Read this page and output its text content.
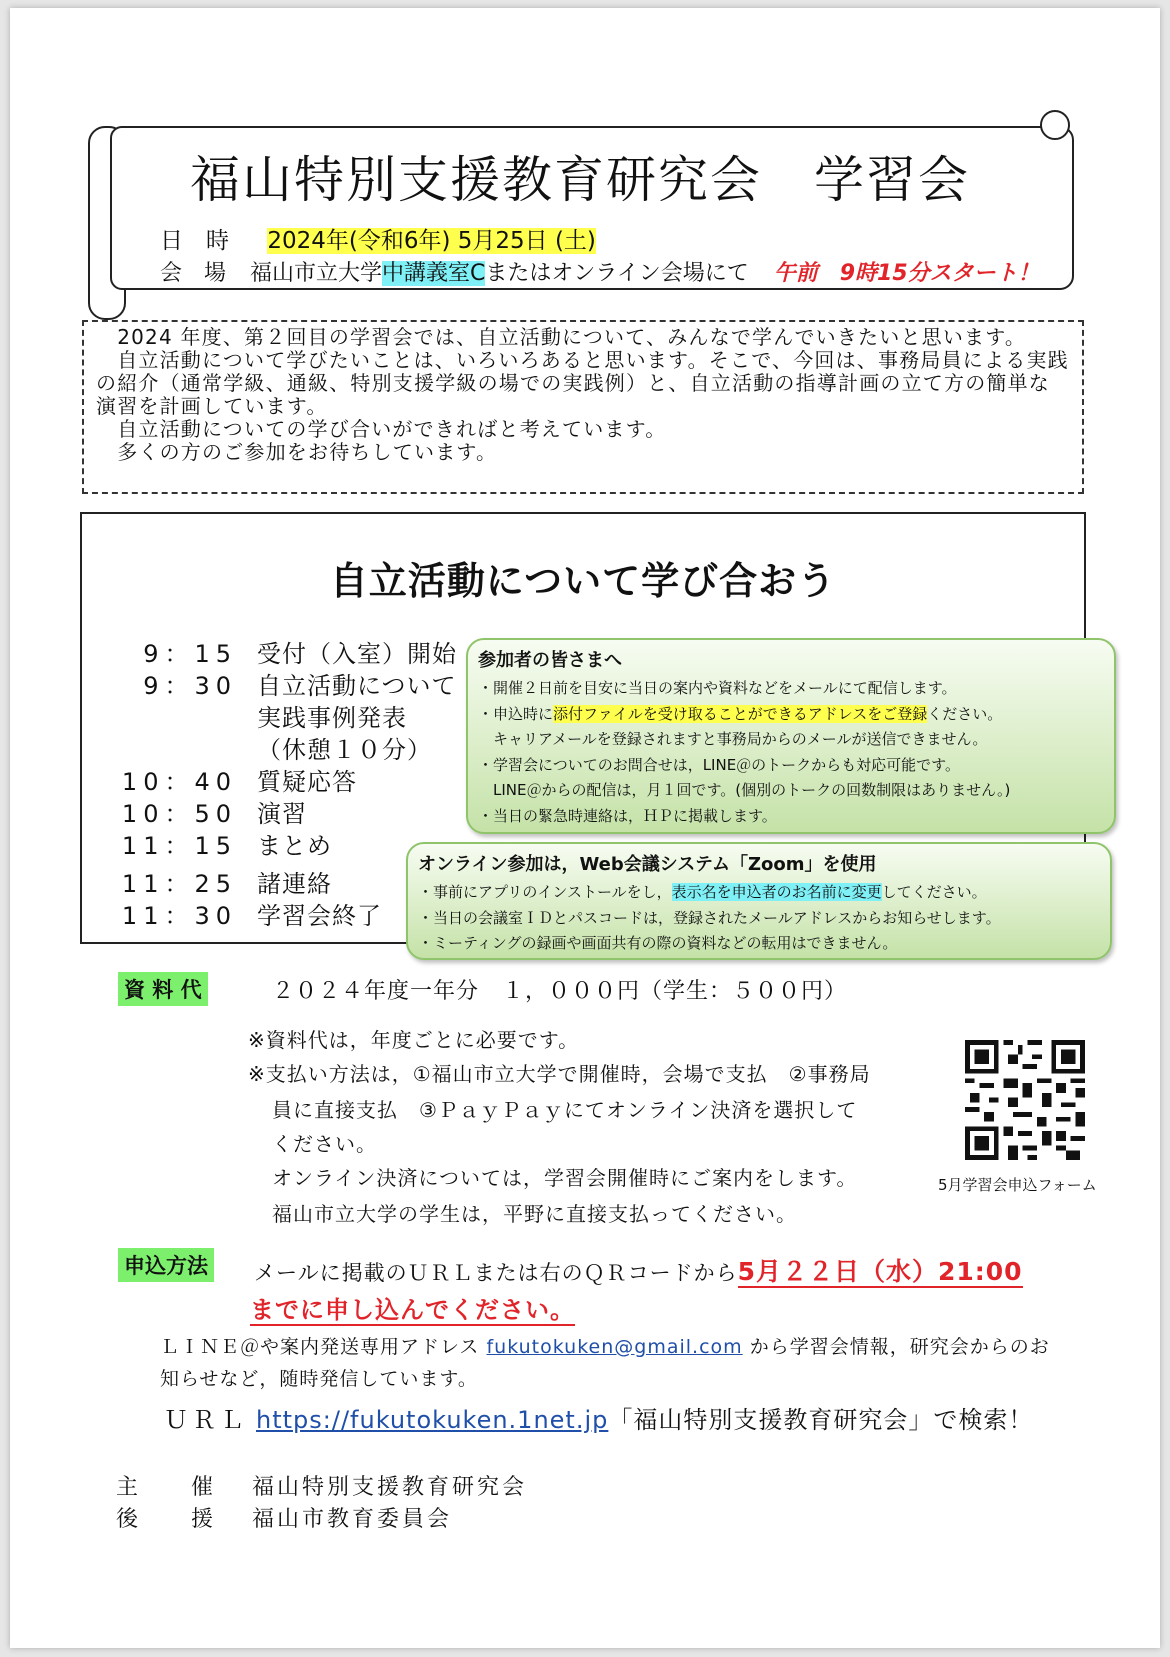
福山特別支援教育研究会　学習会
日　時 2024年(令和6年) 5月25日 (土)
会　場 福山市立大学中講義室Cまたはオンライン会場にて 午前　9時15分スタート！

　2024 年度、第２回目の学習会では、自立活動について、みんなで学んでいきたいと思います。

　自立活動について学びたいことは、いろいろあると思います。そこで、今回は、事務局員による実践の紹介（通常学級、通級、特別支援学級の場での実践例）と、自立活動の指導計画の立て方の簡単な演習を計画しています。

　自立活動についての学び合いができればと考えています。

　多くの方のご参加をお待ちしています。

自立活動について学び合おう
9：15 受付（入室）開始
9：30 自立活動について
実践事例発表
（休憩１０分）
10：40 質疑応答
10：50 演習
11：15 まとめ
11：25 諸連絡
11：30 学習会終了
参加者の皆さまへ
・開催２日前を目安に当日の案内や資料などをメールにて配信します。
・申込時に添付ファイルを受け取ることができるアドレスをご登録ください。
　キャリアメールを登録されますと事務局からのメールが送信できません。
・学習会についてのお問合せは，LINE＠のトークからも対応可能です。
　LINE＠からの配信は，月１回です。(個別のトークの回数制限はありません。)
・当日の緊急時連絡は，ＨＰに掲載します。
オンライン参加は，Web会議システム「Zoom」を使用
・事前にアプリのインストールをし，表示名を申込者のお名前に変更してください。
・当日の会議室ＩＤとパスコードは，登録されたメールアドレスからお知らせします。
・ミーティングの録画や画面共有の際の資料などの転用はできません。
資 料 代	２０２４年度一年分　１，０００円（学生：５００円）
※資料代は，年度ごとに必要です。
※支払い方法は，①福山市立大学で開催時，会場で支払　②事務局
員に直接支払　③ＰａｙＰａｙにてオンライン決済を選択して
ください。
オンライン決済については，学習会開催時にご案内をします。
福山市立大学の学生は，平野に直接支払ってください。
5月学習会申込フォーム
申込方法 メールに掲載のＵＲＬまたは右のＱＲコードから5月２２日（水）21:00
までに申し込んでください。
ＬＩＮＥ＠や案内発送専用アドレス fukutokuken@gmail.com から学習会情報，研究会からのお
知らせなど，随時発信しています。
ＵＲＬ https://fukutokuken.1net.jp「福山特別支援教育研究会」で検索！
主　　催 福山特別支援教育研究会
後　　援 福山市教育委員会
